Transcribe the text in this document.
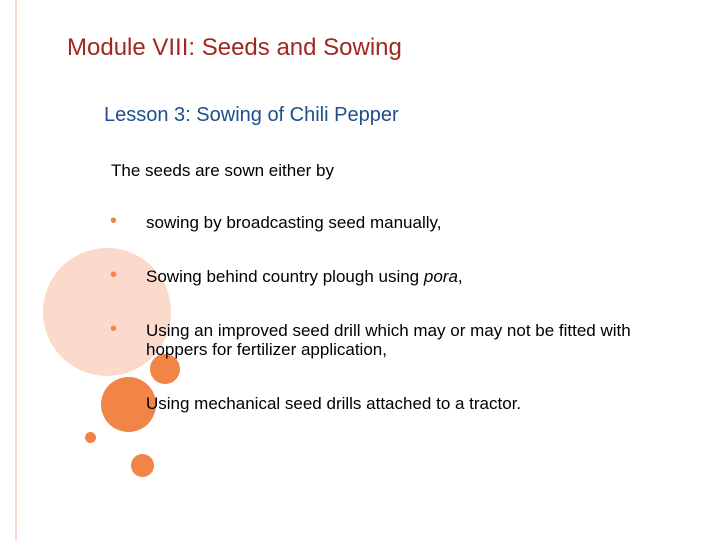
Module VIII: Seeds and Sowing
Lesson 3: Sowing of Chili Pepper
The seeds are sown either by
• sowing by broadcasting seed manually,
• Sowing behind country plough using pora,
• Using an improved seed drill which may or may not be fitted with hoppers for fertilizer application,
• Using mechanical seed drills attached to a tractor.
